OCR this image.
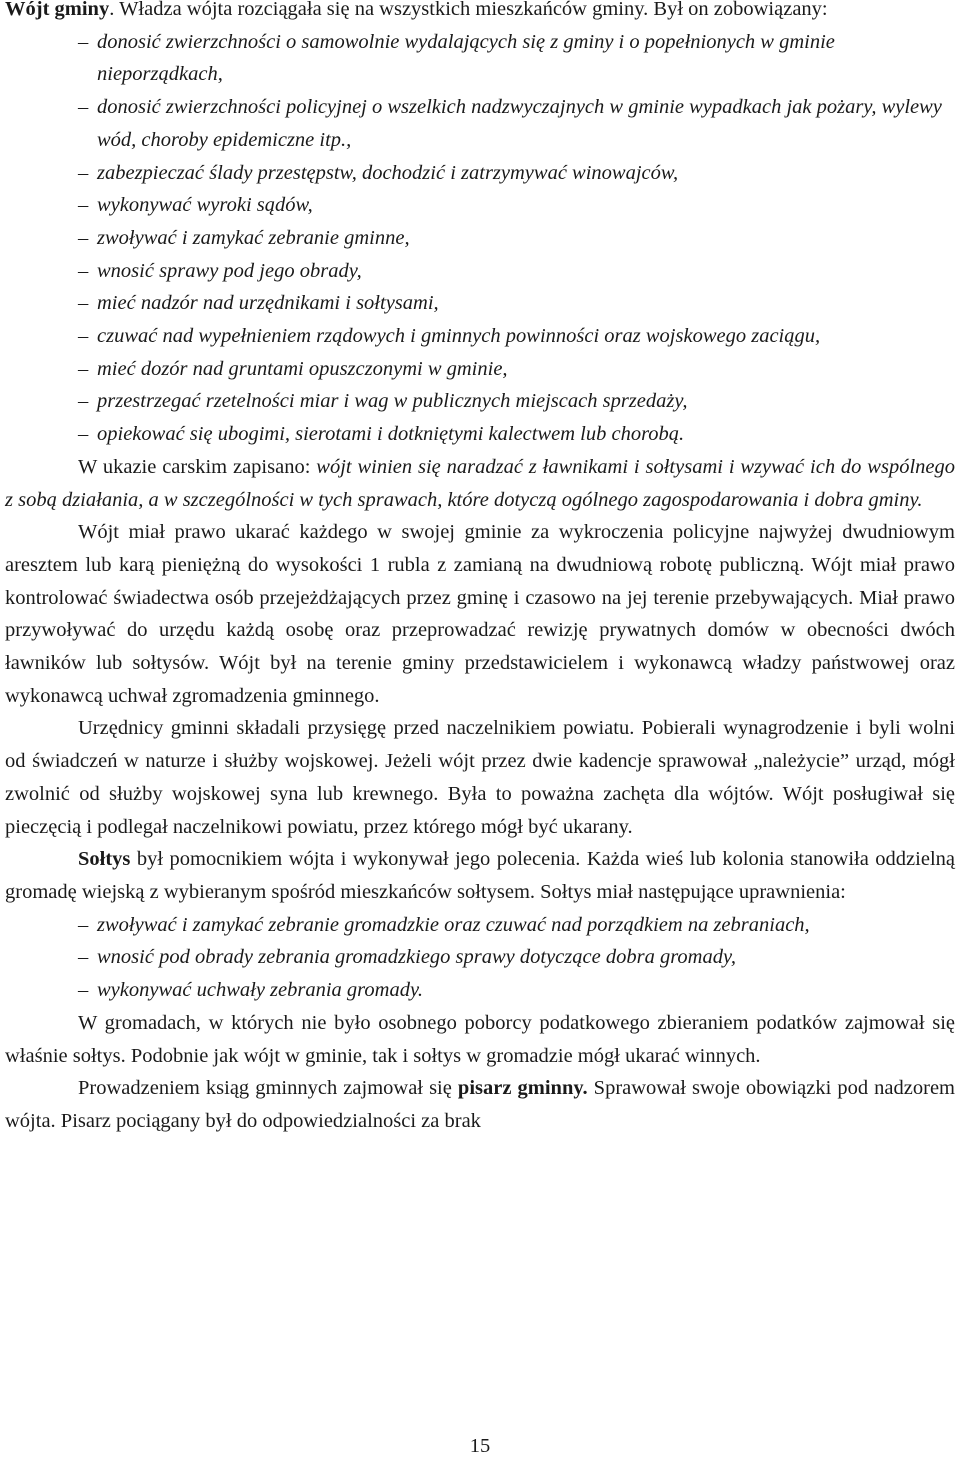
Wójt gminy. Władza wójta rozciągała się na wszystkich mieszkańców gminy. Był on zobowiązany:

– donosić zwierzchności o samowolnie wydalających się z gminy i o popełnionych w gminie nieporządkach,
– donosić zwierzchności policyjnej o wszelkich nadzwyczajnych w gminie wypadkach jak pożary, wylewy wód, choroby epidemiczne itp.,
– zabezpieczać ślady przestępstw, dochodzić i zatrzymywać winowajców,
– wykonywać wyroki sądów,
– zwoływać i zamykać zebranie gminne,
– wnosić sprawy pod jego obrady,
– mieć nadzór nad urzędnikami i sołtysami,
– czuwać nad wypełnieniem rządowych i gminnych powinności oraz wojskowego zaciągu,
– mieć dozór nad gruntami opuszczonymi w gminie,
– przestrzegać rzetelności miar i wag w publicznych miejscach sprzedaży,
– opiekować się ubogimi, sierotami i dotkniętymi kalectwem lub chorobą.

W ukazie carskim zapisano: wójt winien się naradzać z ławnikami i sołtysami i wzywać ich do wspólnego z sobą działania, a w szczególności w tych sprawach, które dotyczą ogólnego zagospodarowania i dobra gminy.

Wójt miał prawo ukarać każdego w swojej gminie za wykroczenia policyjne najwyżej dwudniowym aresztem lub karą pieniężną do wysokości 1 rubla z zamianą na dwudniową robotę publiczną. Wójt miał prawo kontrolować świadectwa osób przejeżdżających przez gminę i czasowo na jej terenie przebywających. Miał prawo przywoływać do urzędu każdą osobę oraz przeprowadzać rewizję prywatnych domów w obecności dwóch ławników lub sołtysów. Wójt był na terenie gminy przedstawicielem i wykonawcą władzy państwowej oraz wykonawcą uchwał zgromadzenia gminnego.

Urzędnicy gminni składali przysięgę przed naczelnikiem powiatu. Pobierali wynagrodzenie i byli wolni od świadczeń w naturze i służby wojskowej. Jeżeli wójt przez dwie kadencje sprawował „należycie” urząd, mógł zwolnić od służby wojskowej syna lub krewnego. Była to poważna zachęta dla wójtów. Wójt posługiwał się pieczęcią i podlegał naczelnikowi powiatu, przez którego mógł być ukarany.

Sołtys był pomocnikiem wójta i wykonywał jego polecenia. Każda wieś lub kolonia stanowiła oddzielną gromadę wiejską z wybieranym spośród mieszkańców sołtysem. Sołtys miał następujące uprawnienia:

– zwoływać i zamykać zebranie gromadzkie oraz czuwać nad porządkiem na zebraniach,
– wnosić pod obrady zebrania gromadzkiego sprawy dotyczące dobra gromady,
– wykonywać uchwały zebrania gromady.

W gromadach, w których nie było osobnego poborcy podatkowego zbieraniem podatków zajmował się właśnie sołtys. Podobnie jak wójt w gminie, tak i sołtys w gromadzie mógł ukarać winnych.

Prowadzeniem ksiąg gminnych zajmował się pisarz gminny. Sprawował swoje obowiązki pod nadzorem wójta. Pisarz pociągany był do odpowiedzialności za brak

15
